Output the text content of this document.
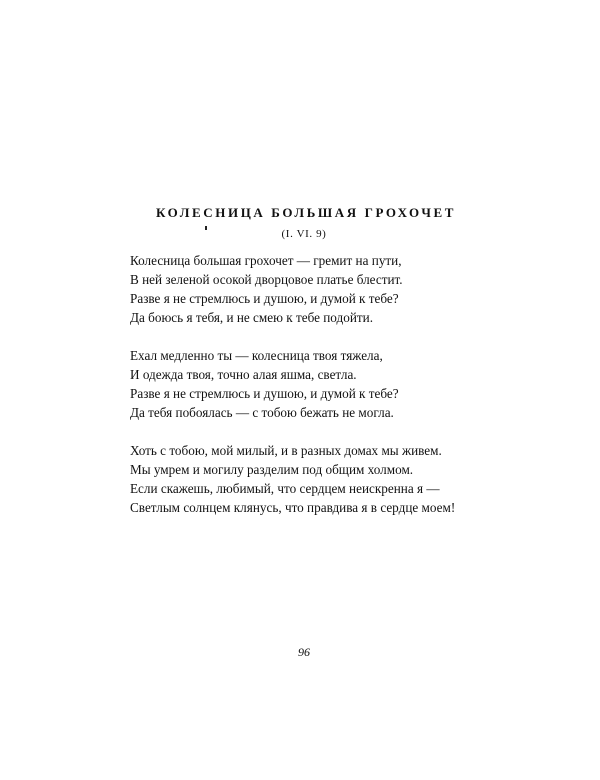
КОЛЕСНИЦА БОЛЬШАЯ ГРОХОЧЕТ
(I. VI. 9)
Колесница большая грохочет — гремит на пути,
В ней зеленой осокой дворцовое платье блестит.
Разве я не стремлюсь и душою, и думой к тебе?
Да боюсь я тебя, и не смею к тебе подойти.
Ехал медленно ты — колесница твоя тяжела,
И одежда твоя, точно алая яшма, светла.
Разве я не стремлюсь и душою, и думой к тебе?
Да тебя побоялась — с тобою бежать не могла.
Хоть с тобою, мой милый, и в разных домах мы живем.
Мы умрем и могилу разделим под общим холмом.
Если скажешь, любимый, что сердцем неискренна я —
Светлым солнцем клянусь, что правдива я в сердце моем!
96
